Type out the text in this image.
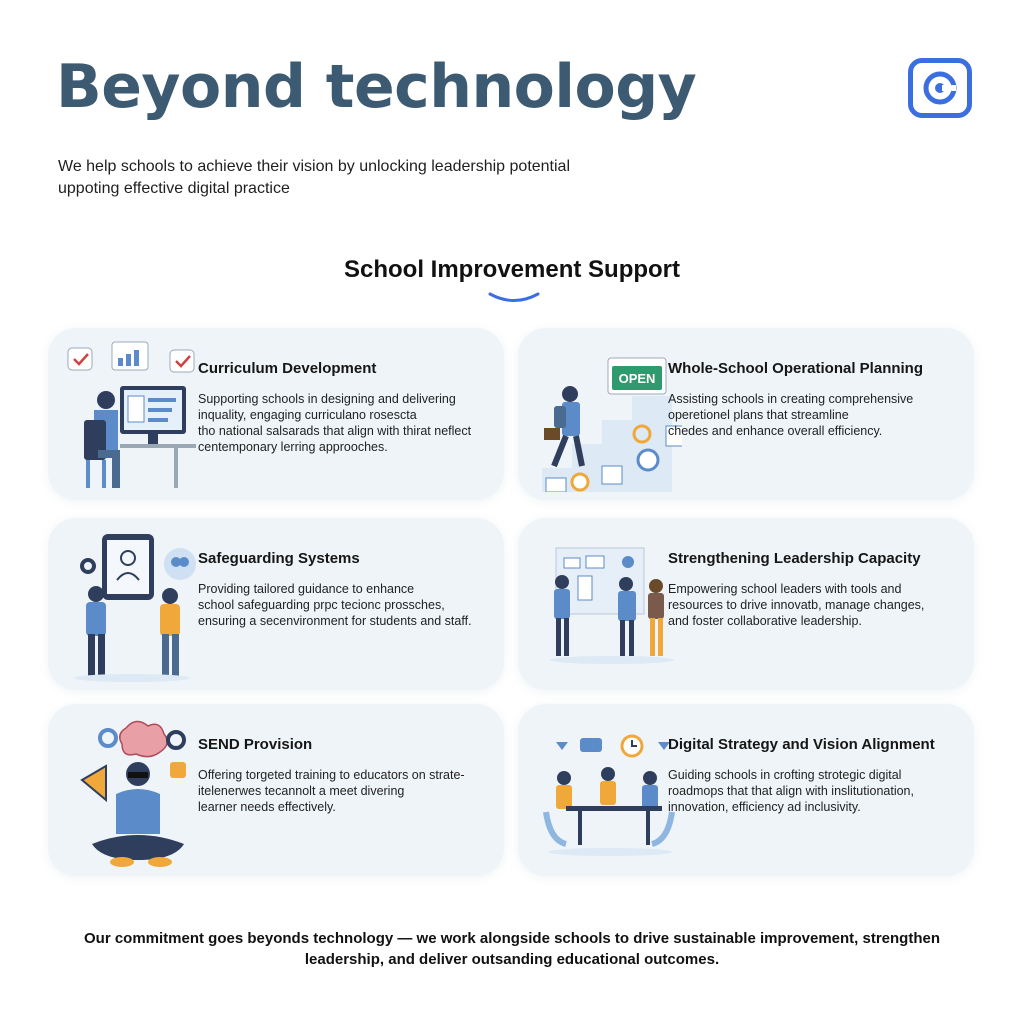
Beyond technology
We help schools to achieve their vision by unlocking leadership potential
uppoting effective digital practice
School Improvement Support
Curriculum Development
Supporting schools in designing and delivering
inquality, engaging curriculano rosescta
tho national salsarads that align with thirat neflect
centemponary lerring approoches.
OPEN
Whole-School Operational Planning
Assisting schools in creating comprehensive
operetionel plans that streamline
chedes and enhance overall efficiency.
Safeguarding Systems
Providing tailored guidance to enhance
school safeguarding prpc tecionc prossches,
ensuring a secenvironment for students and staff.
Strengthening Leadership Capacity
Empowering school leaders with tools and
resources to drive innovatb, manage changes,
and foster collaborative leadership.
SEND Provision
Offering torgeted training to educators on strate-
itelenerwes tecannolt a meet divering
learner needs effectively.
Digital Strategy and Vision Alignment
Guiding schools in crofting strotegic digital
roadmops that that align with inslitutionation,
innovation, efficiency ad inclusivity.
Our commitment goes beyonds technology — we work alongside schools to drive sustainable improvement, strengthen
leadership, and deliver outsanding educational outcomes.
